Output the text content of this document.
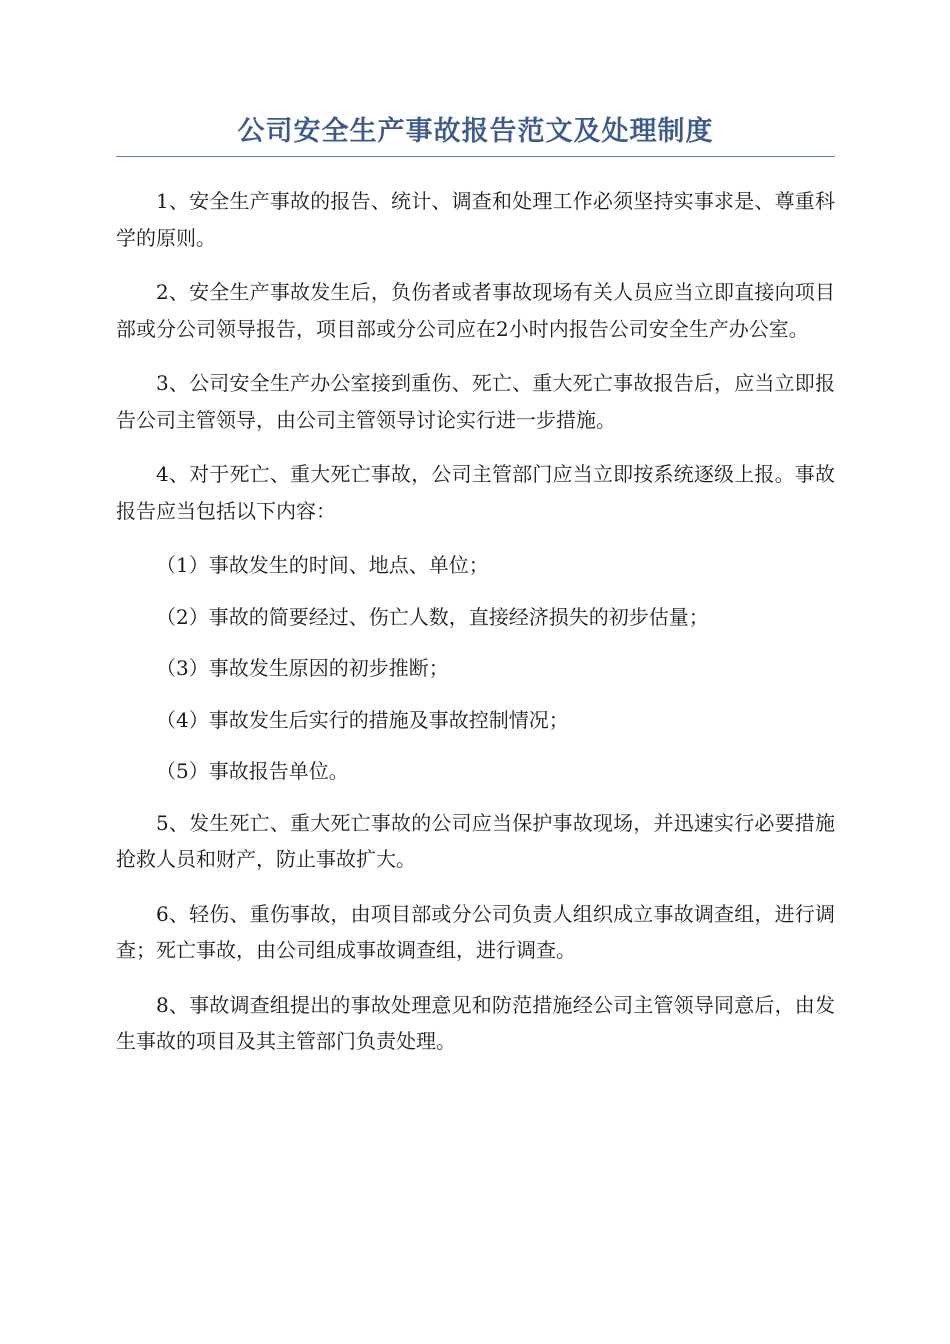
公司安全生产事故报告范文及处理制度

1、安全生产事故的报告、统计、调查和处理工作必须坚持实事求是、尊重科学的原则。

2、安全生产事故发生后，负伤者或者事故现场有关人员应当立即直接向项目部或分公司领导报告，项目部或分公司应在2小时内报告公司安全生产办公室。

3、公司安全生产办公室接到重伤、死亡、重大死亡事故报告后，应当立即报告公司主管领导，由公司主管领导讨论实行进一步措施。

4、对于死亡、重大死亡事故，公司主管部门应当立即按系统逐级上报。事故报告应当包括以下内容：

（1）事故发生的时间、地点、单位；

（2）事故的简要经过、伤亡人数，直接经济损失的初步估量；

（3）事故发生原因的初步推断；

（4）事故发生后实行的措施及事故控制情况；

（5）事故报告单位。

5、发生死亡、重大死亡事故的公司应当保护事故现场，并迅速实行必要措施抢救人员和财产，防止事故扩大。

6、轻伤、重伤事故，由项目部或分公司负责人组织成立事故调查组，进行调查；死亡事故，由公司组成事故调查组，进行调查。

8、事故调查组提出的事故处理意见和防范措施经公司主管领导同意后，由发生事故的项目及其主管部门负责处理。
